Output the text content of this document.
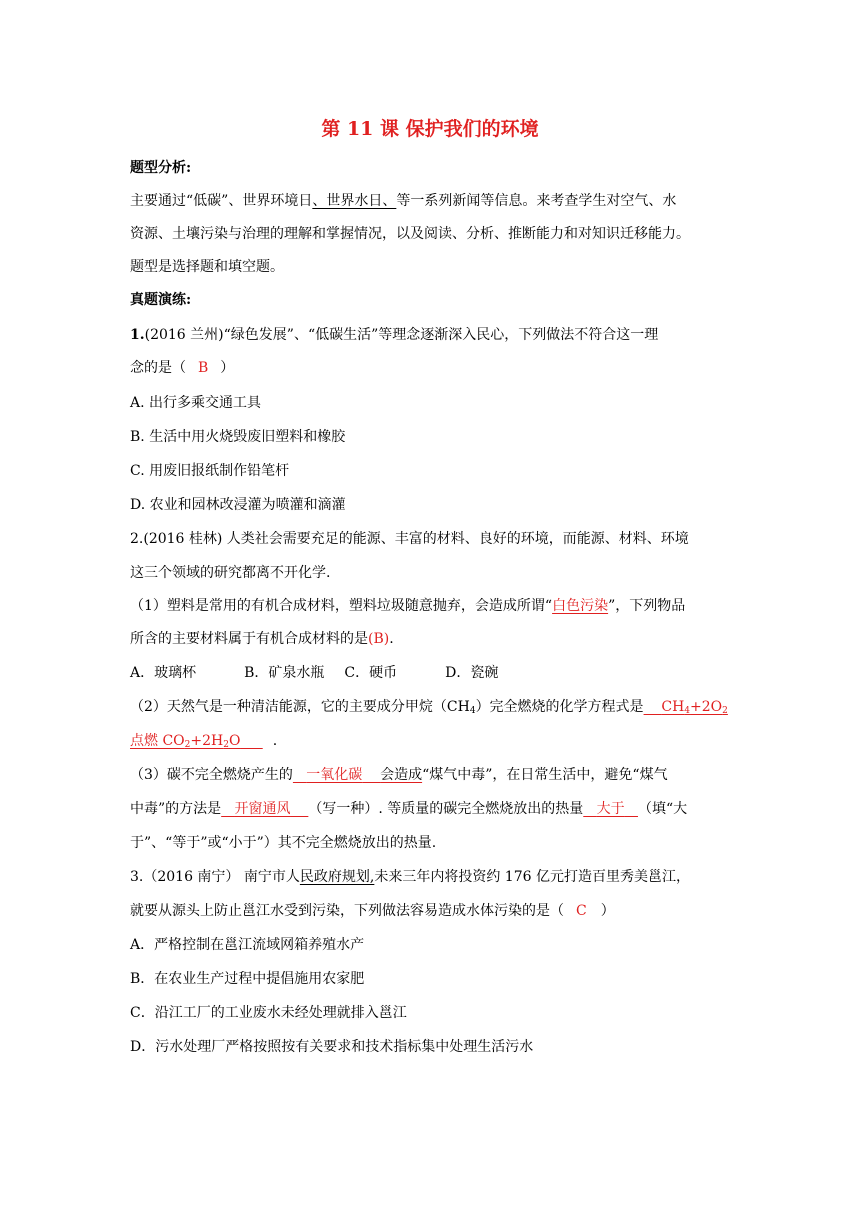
第 11 课 保护我们的环境
题型分析:
主要通过“低碳”、世界环境日、世界水日、等一系列新闻等信息。来考查学生对空气、水
资源、土壤污染与治理的理解和掌握情况，以及阅读、分析、推断能力和对知识迁移能力。
题型是选择题和填空题。
真题演练:
1.(2016 兰州)“绿色发展”、“低碳生活”等理念逐渐深入民心，下列做法不符合这一理
念的是（ B ）
A. 出行多乘交通工具
B. 生活中用火烧毁废旧塑料和橡胶
C. 用废旧报纸制作铅笔杆
D. 农业和园林改浸灌为喷灌和滴灌
2.(2016 桂林) 人类社会需要充足的能源、丰富的材料、良好的环境，而能源、材料、环境
这三个领域的研究都离不开化学.
（1）塑料是常用的有机合成材料，塑料垃圾随意抛弃，会造成所谓“白色污染”，下列物品
所含的主要材料属于有机合成材料的是(B).
A．玻璃杯	B．矿泉水瓶 C．硬币	D．瓷碗
（2）天然气是一种清洁能源，它的主要成分甲烷$(CH_4)$完全燃烧的化学方程式是 $CH_4+2O_2$
点燃 $CO_2+2H_2O$ .
（3）碳不完全燃烧产生的 一氧化碳 会造成“煤气中毒”，在日常生活中，避免“煤气
中毒”的方法是 开窗通风 （写一种）. 等质量的碳完全燃烧放出的热量 大于 （填“大
于”、“等于”或“小于”）其不完全燃烧放出的热量.
3.（2016 南宁） 南宁市人民政府规划,未来三年内将投资约 176 亿元打造百里秀美邕江，
就要从源头上防止邕江水受到污染，下列做法容易造成水体污染的是（ C ）
A．严格控制在邕江流域网箱养殖水产
B．在农业生产过程中提倡施用农家肥
C．沿江工厂的工业废水未经处理就排入邕江
D．污水处理厂严格按照按有关要求和技术指标集中处理生活污水
